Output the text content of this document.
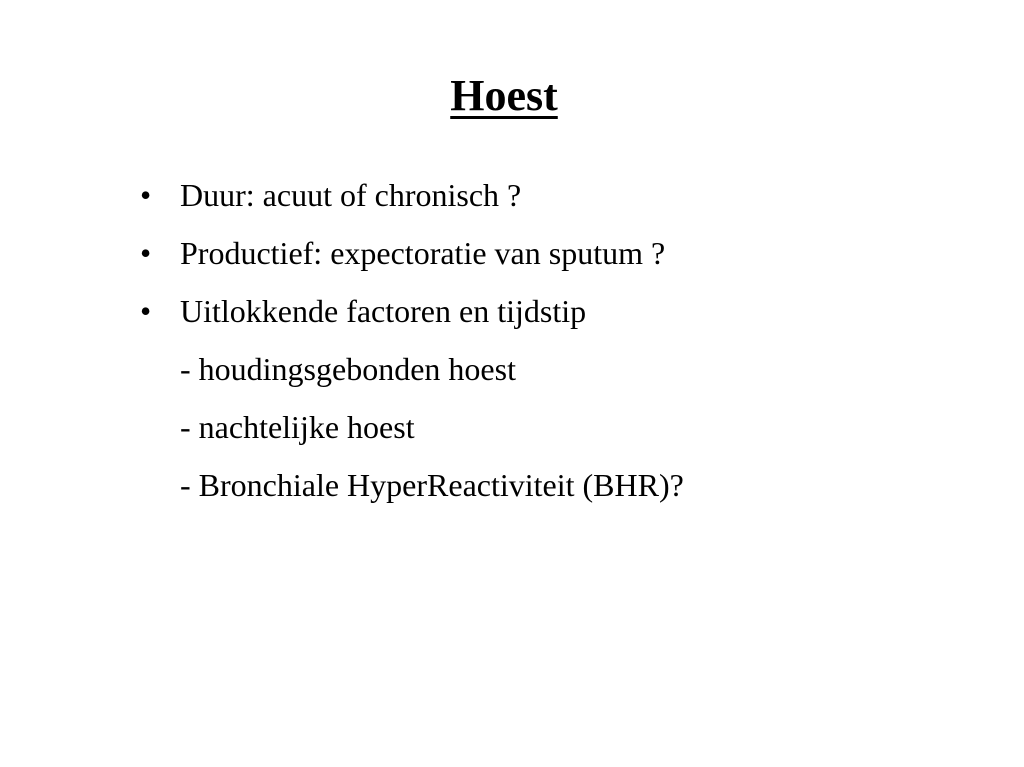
Hoest
• Duur: acuut of chronisch ?
• Productief: expectoratie van sputum ?
• Uitlokkende factoren en tijdstip
- houdingsgebonden hoest
- nachtelijke hoest
- Bronchiale HyperReactiviteit (BHR)?
